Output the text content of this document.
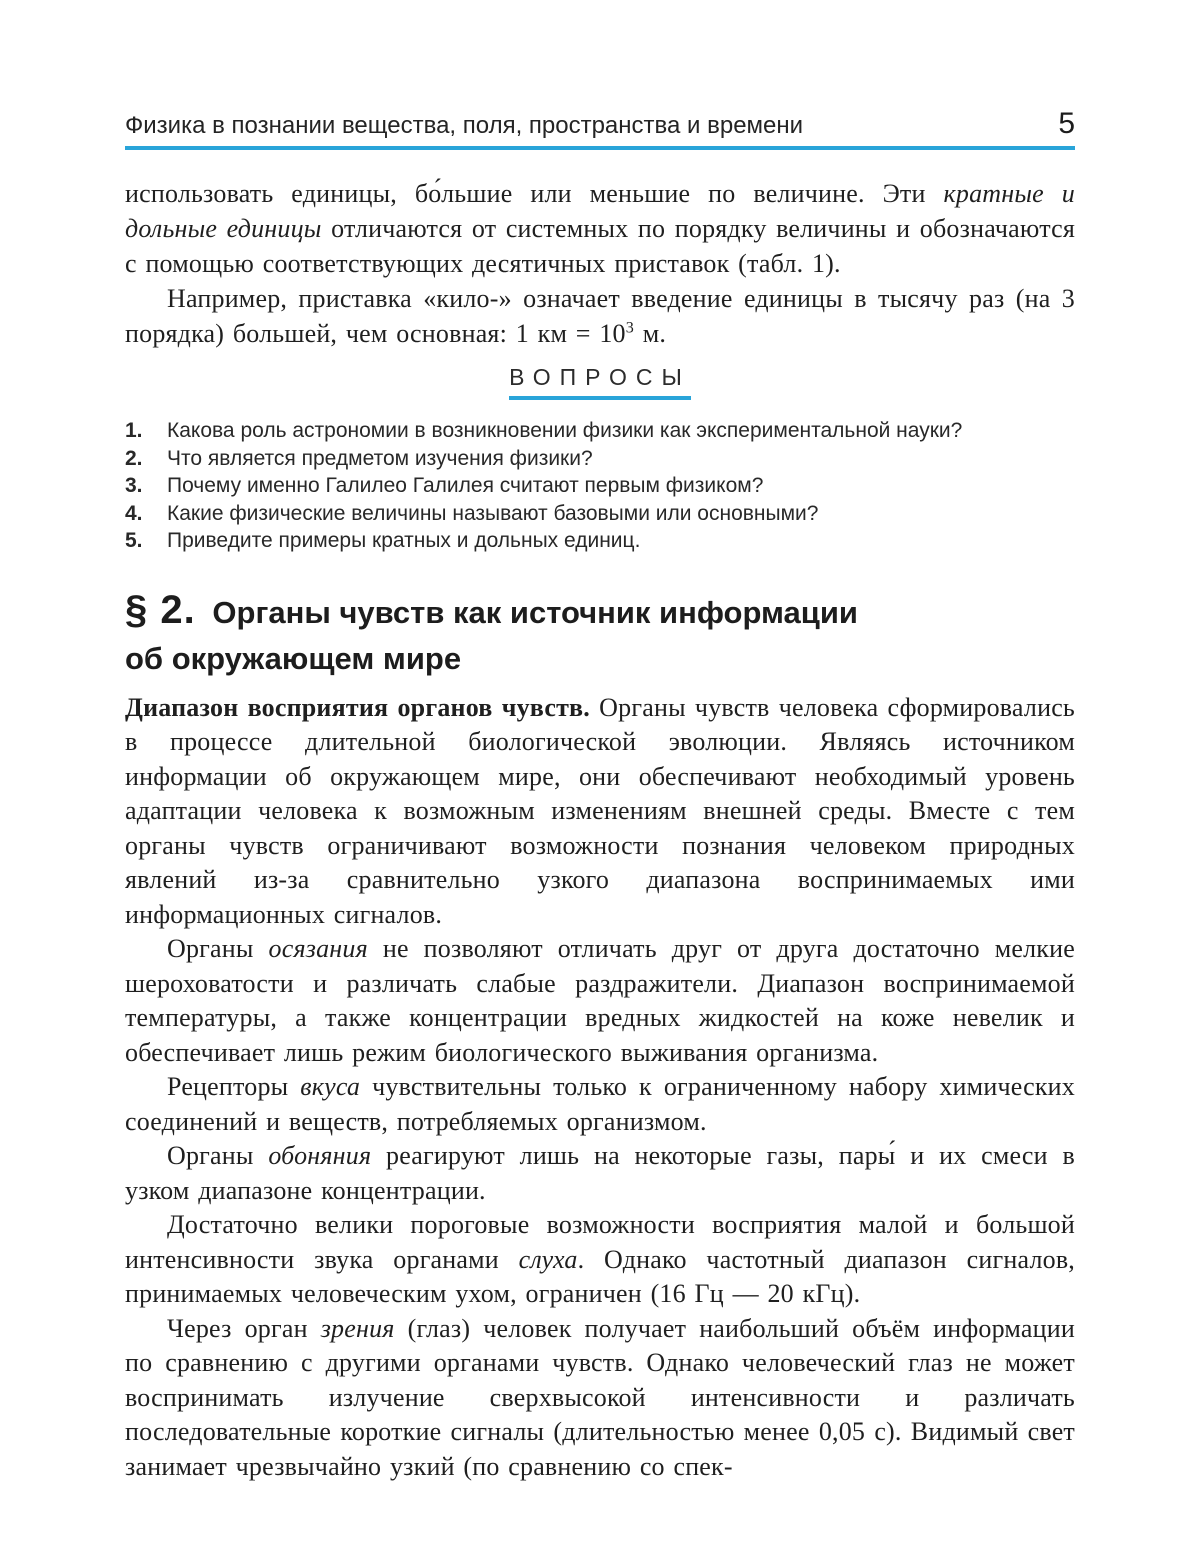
Физика в познании вещества, поля, пространства и времени	5

использовать единицы, бо́льшие или меньшие по величине. Эти кратные и дольные единицы отличаются от системных по порядку величины и обозначаются с помощью соответствующих десятичных приставок (табл. 1).

Например, приставка «кило-» означает введение единицы в тысячу раз (на 3 порядка) большей, чем основная: 1 км = $10^3$ м.

ВОПРОСЫ
1.	Какова роль астрономии в возникновении физики как экспериментальной науки?
2.	Что является предметом изучения физики?
3.	Почему именно Галилео Галилея считают первым физиком?
4.	Какие физические величины называют базовыми или основными?
5.	Приведите примеры кратных и дольных единиц.
§ 2. Органы чувств как источник информации
об окружающем мире

Диапазон восприятия органов чувств. Органы чувств человека сформировались в процессе длительной биологической эволюции. Являясь источником информации об окружающем мире, они обеспечивают необходимый уровень адаптации человека к возможным изменениям внешней среды. Вместе с тем органы чувств ограничивают возможности познания человеком природных явлений из-за сравнительно узкого диапазона воспринимаемых ими информационных сигналов.

Органы осязания не позволяют отличать друг от друга достаточно мелкие шероховатости и различать слабые раздражители. Диапазон воспринимаемой температуры, а также концентрации вредных жидкостей на коже невелик и обеспечивает лишь режим биологического выживания организма.

Рецепторы вкуса чувствительны только к ограниченному набору химических соединений и веществ, потребляемых организмом.

Органы обоняния реагируют лишь на некоторые газы, пары́ и их смеси в узком диапазоне концентрации.

Достаточно велики пороговые возможности восприятия малой и большой интенсивности звука органами слуха. Однако частотный диапазон сигналов, принимаемых человеческим ухом, ограничен (16 Гц — 20 кГц).

Через орган зрения (глаз) человек получает наибольший объём информации по сравнению с другими органами чувств. Однако человеческий глаз не может воспринимать излучение сверхвысокой интенсивности и различать последовательные короткие сигналы (длительностью менее 0,05 с). Видимый свет занимает чрезвычайно узкий (по сравнению со спек-
